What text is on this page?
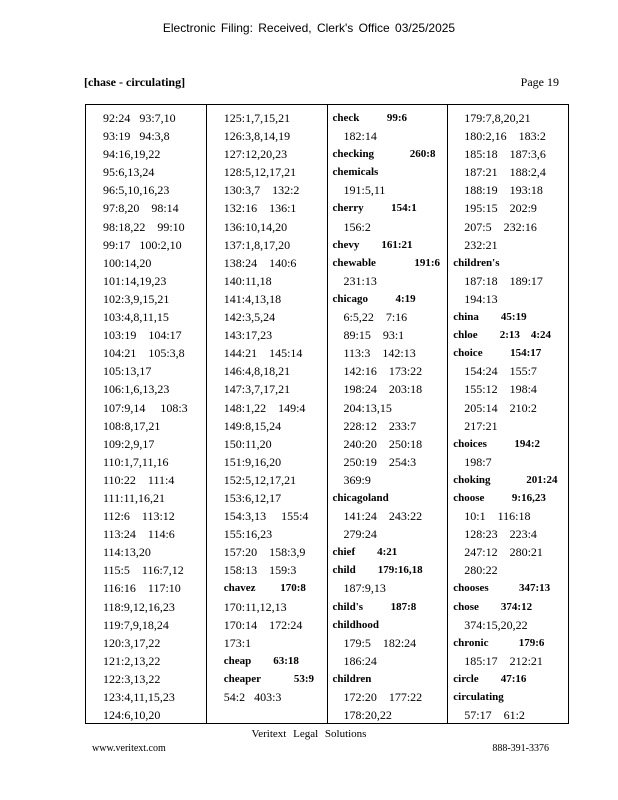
Electronic Filing: Received, Clerk's Office 03/25/2025
[chase - circulating]	Page 19
92:24   93:7,10
93:19   94:3,8
94:16,19,22
95:6,13,24
96:5,10,16,23
97:8,20    98:14
98:18,22    99:10
99:17   100:2,10
100:14,20
101:14,19,23
102:3,9,15,21
103:4,8,11,15
103:19    104:17
104:21    105:3,8
105:13,17
106:1,6,13,23
107:9,14     108:3
108:8,17,21
109:2,9,17
110:1,7,11,16
110:22    111:4
111:11,16,21
112:6    113:12
113:24    114:6
114:13,20
115:5    116:7,12
116:16    117:10
118:9,12,16,23
119:7,9,18,24
120:3,17,22
121:2,13,22
122:3,13,22
123:4,11,15,23
124:6,10,20
125:1,7,15,21
126:3,8,14,19
127:12,20,23
128:5,12,17,21
130:3,7    132:2
132:16    136:1
136:10,14,20
137:1,8,17,20
138:24    140:6
140:11,18
141:4,13,18
142:3,5,24
143:17,23
144:21    145:14
146:4,8,18,21
147:3,7,17,21
148:1,22    149:4
149:8,15,24
150:11,20
151:9,16,20
152:5,12,17,21
153:6,12,17
154:3,13     155:4
155:16,23
157:20    158:3,9
158:13    159:3
chavez         170:8
170:11,12,13
170:14    172:24
173:1
cheap        63:18
cheaper            53:9
54:2   403:3
check          99:6
182:14
checking             260:8
chemicals
191:5,11
cherry          154:1
156:2
chevy        161:21
chewable              191:6
231:13
chicago          4:19
6:5,22    7:16
89:15    93:1
113:3    142:13
142:16    173:22
198:24    203:18
204:13,15
228:12    233:7
240:20    250:18
250:19    254:3
369:9
chicagoland
141:24    243:22
279:24
chief        4:21
child        179:16,18
187:9,13
child's          187:8
childhood
179:5    182:24
186:24
children
172:20    177:22
178:20,22
179:7,8,20,21
180:2,16    183:2
185:18    187:3,6
187:21    188:2,4
188:19    193:18
195:15    202:9
207:5    232:16
232:21
children's
187:18    189:17
194:13
china        45:19
chloe        2:13    4:24
choice          154:17
154:24    155:7
155:12    198:4
205:14    210:2
217:21
choices          194:2
198:7
choking             201:24
choose          9:16,23
10:1    116:18
128:23    223:4
247:12    280:21
280:22
chooses           347:13
chose        374:12
374:15,20,22
chronic           179:6
185:17    212:21
circle        47:16
circulating
57:17    61:2
Veritext Legal Solutions
www.veritext.com	888-391-3376
